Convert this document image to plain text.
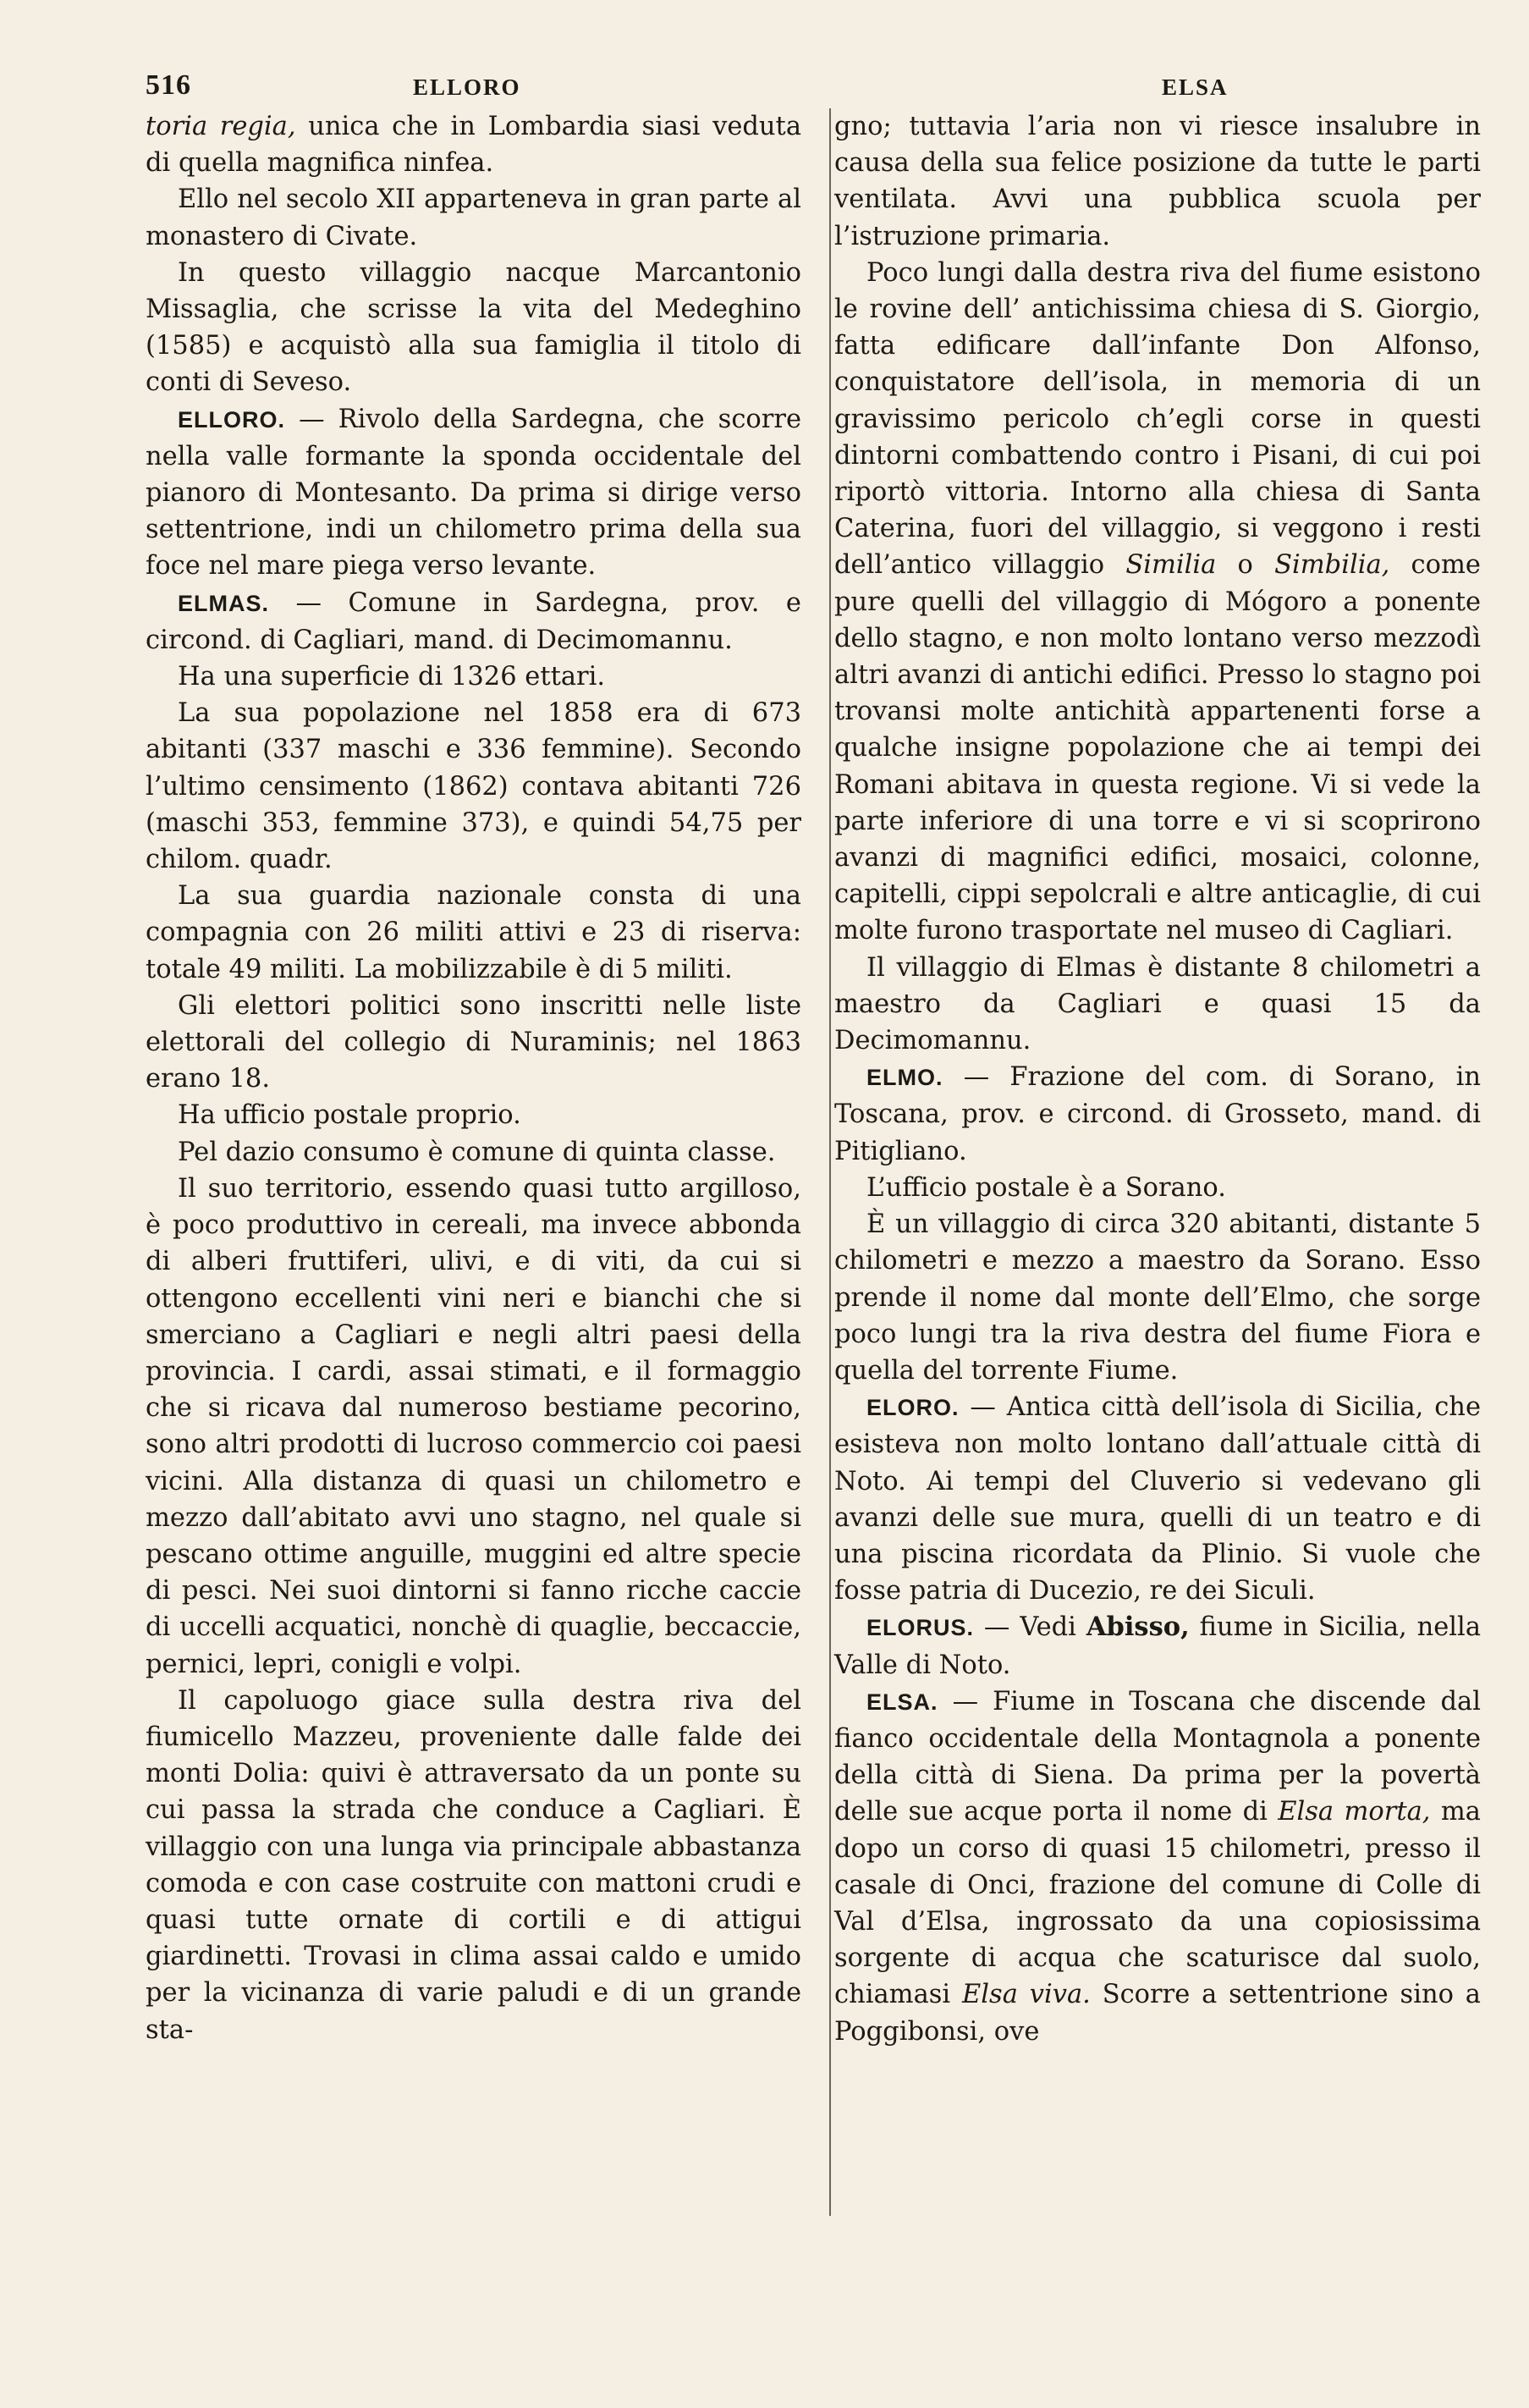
516	ELLORO	ELSA

toria regia, unica che in Lombardia siasi veduta di quella magnifica ninfea.

Ello nel secolo XII apparteneva in gran parte al monastero di Civate.

In questo villaggio nacque Marcantonio Missaglia, che scrisse la vita del Medeghino (1585) e acquistò alla sua famiglia il titolo di conti di Seveso.

ELLORO. — Rivolo della Sardegna, che scorre nella valle formante la sponda occidentale del pianoro di Montesanto. Da prima si dirige verso settentrione, indi un chilometro prima della sua foce nel mare piega verso levante.

ELMAS. — Comune in Sardegna, prov. e circond. di Cagliari, mand. di Decimomannu.

Ha una superficie di 1326 ettari.

La sua popolazione nel 1858 era di 673 abitanti (337 maschi e 336 femmine). Secondo l’ultimo censimento (1862) contava abitanti 726 (maschi 353, femmine 373), e quindi 54,75 per chilom. quadr.

La sua guardia nazionale consta di una compagnia con 26 militi attivi e 23 di riserva: totale 49 militi. La mobilizzabile è di 5 militi.

Gli elettori politici sono inscritti nelle liste elettorali del collegio di Nuraminis; nel 1863 erano 18.

Ha ufficio postale proprio.

Pel dazio consumo è comune di quinta classe.

Il suo territorio, essendo quasi tutto argilloso, è poco produttivo in cereali, ma invece abbonda di alberi fruttiferi, ulivi, e di viti, da cui si ottengono eccellenti vini neri e bianchi che si smerciano a Cagliari e negli altri paesi della provincia. I cardi, assai stimati, e il formaggio che si ricava dal numeroso bestiame pecorino, sono altri prodotti di lucroso commercio coi paesi vicini. Alla distanza di quasi un chilometro e mezzo dall’abitato avvi uno stagno, nel quale si pescano ottime anguille, muggini ed altre specie di pesci. Nei suoi dintorni si fanno ricche caccie di uccelli acquatici, nonchè di quaglie, beccaccie, pernici, lepri, conigli e volpi.

Il capoluogo giace sulla destra riva del fiumicello Mazzeu, proveniente dalle falde dei monti Dolia: quivi è attraversato da un ponte su cui passa la strada che conduce a Cagliari. È villaggio con una lunga via principale abbastanza comoda e con case costruite con mattoni crudi e quasi tutte ornate di cortili e di attigui giardinetti. Trovasi in clima assai caldo e umido per la vicinanza di varie paludi e di un grande sta-

gno; tuttavia l’aria non vi riesce insalubre in causa della sua felice posizione da tutte le parti ventilata. Avvi una pubblica scuola per l’istruzione primaria.

Poco lungi dalla destra riva del fiume esistono le rovine dell’ antichissima chiesa di S. Giorgio, fatta edificare dall’infante Don Alfonso, conquistatore dell’isola, in memoria di un gravissimo pericolo ch’egli corse in questi dintorni combattendo contro i Pisani, di cui poi riportò vittoria. Intorno alla chiesa di Santa Caterina, fuori del villaggio, si veggono i resti dell’antico villaggio Similia o Simbilia, come pure quelli del villaggio di Mógoro a ponente dello stagno, e non molto lontano verso mezzodì altri avanzi di antichi edifici. Presso lo stagno poi trovansi molte antichità appartenenti forse a qualche insigne popolazione che ai tempi dei Romani abitava in questa regione. Vi si vede la parte inferiore di una torre e vi si scoprirono avanzi di magnifici edifici, mosaici, colonne, capitelli, cippi sepolcrali e altre anticaglie, di cui molte furono trasportate nel museo di Cagliari.

Il villaggio di Elmas è distante 8 chilometri a maestro da Cagliari e quasi 15 da Decimomannu.

ELMO. — Frazione del com. di Sorano, in Toscana, prov. e circond. di Grosseto, mand. di Pitigliano.

L’ufficio postale è a Sorano.

È un villaggio di circa 320 abitanti, distante 5 chilometri e mezzo a maestro da Sorano. Esso prende il nome dal monte dell’Elmo, che sorge poco lungi tra la riva destra del fiume Fiora e quella del torrente Fiume.

ELORO. — Antica città dell’isola di Sicilia, che esisteva non molto lontano dall’attuale città di Noto. Ai tempi del Cluverio si vedevano gli avanzi delle sue mura, quelli di un teatro e di una piscina ricordata da Plinio. Si vuole che fosse patria di Ducezio, re dei Siculi.

ELORUS. — Vedi Abisso, fiume in Sicilia, nella Valle di Noto.

ELSA. — Fiume in Toscana che discende dal fianco occidentale della Montagnola a ponente della città di Siena. Da prima per la povertà delle sue acque porta il nome di Elsa morta, ma dopo un corso di quasi 15 chilometri, presso il casale di Onci, frazione del comune di Colle di Val d’Elsa, ingrossato da una copiosissima sorgente di acqua che scaturisce dal suolo, chiamasi Elsa viva. Scorre a settentrione sino a Poggibonsi, ove
